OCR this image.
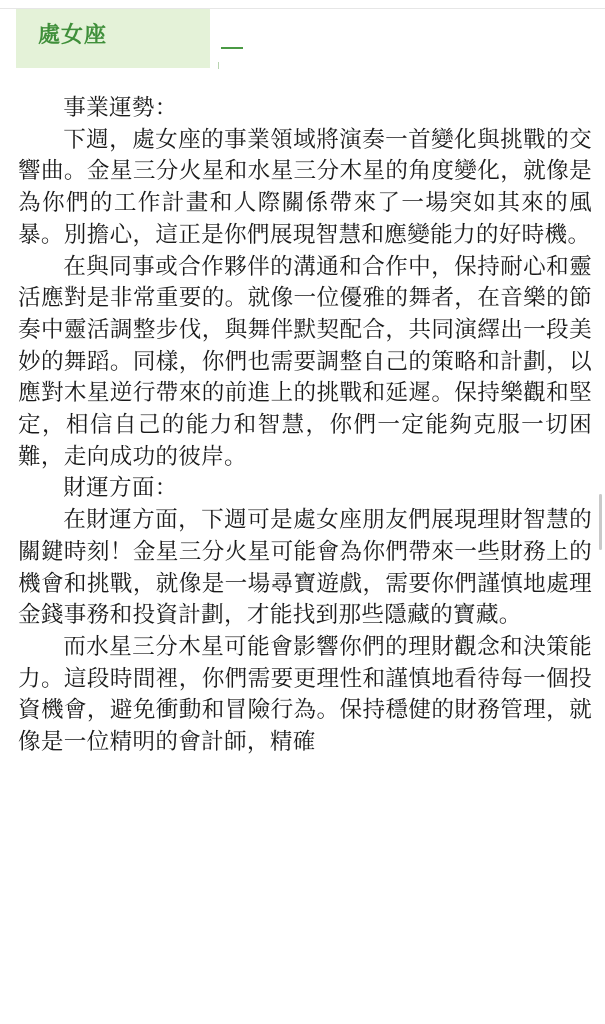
處女座

事業運勢：

下週，處女座的事業領域將演奏一首變化與挑戰的交響曲。金星三分火星和水星三分木星的角度變化，就像是為你們的工作計畫和人際關係帶來了一場突如其來的風暴。別擔心，這正是你們展現智慧和應變能力的好時機。

在與同事或合作夥伴的溝通和合作中，保持耐心和靈活應對是非常重要的。就像一位優雅的舞者，在音樂的節奏中靈活調整步伐，與舞伴默契配合，共同演繹出一段美妙的舞蹈。同樣，你們也需要調整自己的策略和計劃，以應對木星逆行帶來的前進上的挑戰和延遲。保持樂觀和堅定，相信自己的能力和智慧，你們一定能夠克服一切困難，走向成功的彼岸。

財運方面：

在財運方面，下週可是處女座朋友們展現理財智慧的關鍵時刻！金星三分火星可能會為你們帶來一些財務上的機會和挑戰，就像是一場尋寶遊戲，需要你們謹慎地處理金錢事務和投資計劃，才能找到那些隱藏的寶藏。

而水星三分木星可能會影響你們的理財觀念和決策能力。這段時間裡，你們需要更理性和謹慎地看待每一個投資機會，避免衝動和冒險行為。保持穩健的財務管理，就像是一位精明的會計師，精確
